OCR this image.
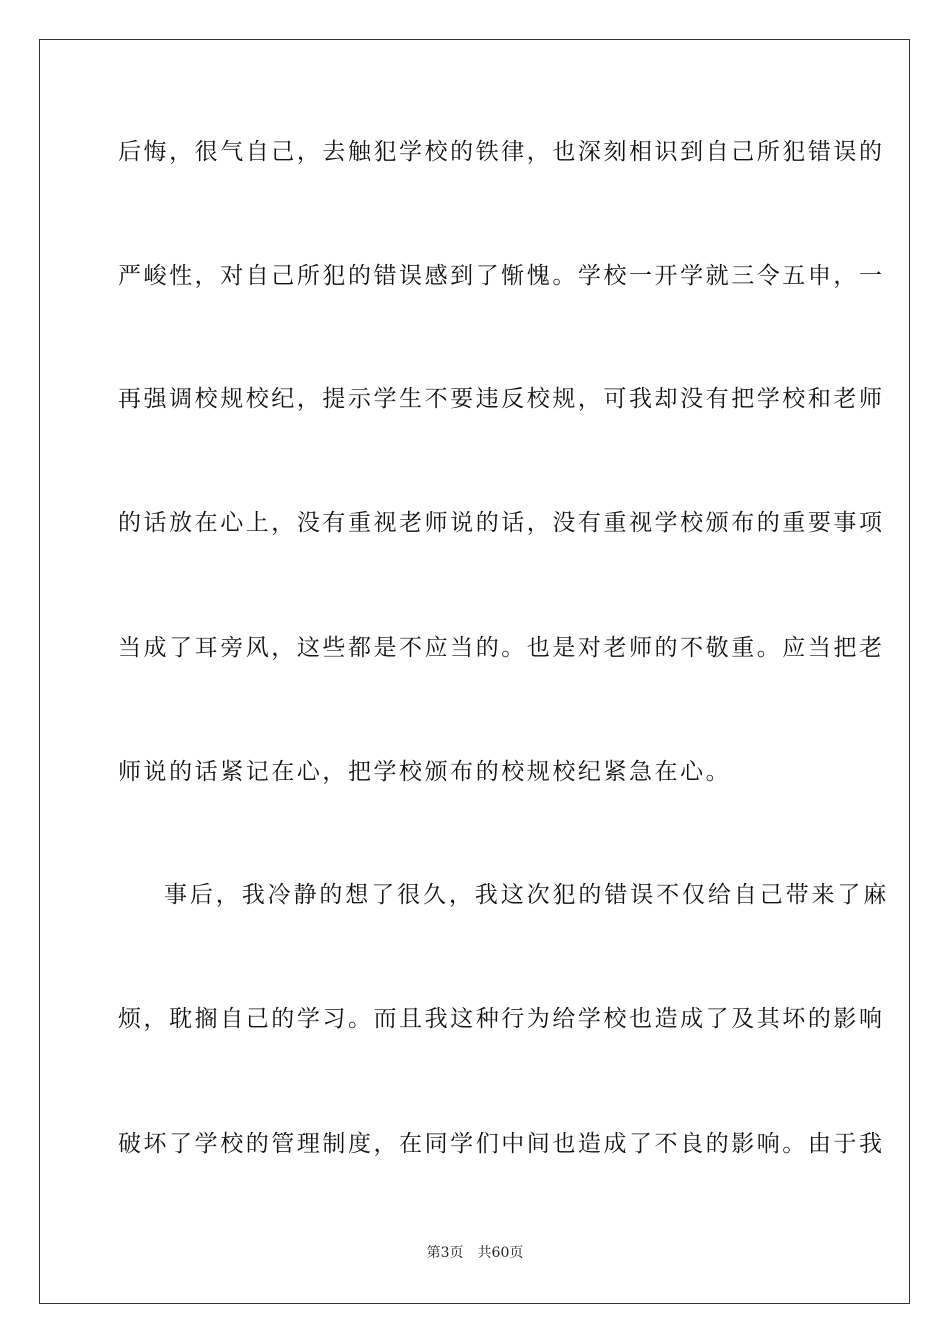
后悔，很气自己，去触犯学校的铁律，也深刻相识到自己所犯错误的
严峻性，对自己所犯的错误感到了惭愧。学校一开学就三令五申，一
再强调校规校纪，提示学生不要违反校规，可我却没有把学校和老师
的话放在心上，没有重视老师说的话，没有重视学校颁布的重要事项
当成了耳旁风，这些都是不应当的。也是对老师的不敬重。应当把老
师说的话紧记在心，把学校颁布的校规校纪紧急在心。
事后，我冷静的想了很久，我这次犯的错误不仅给自己带来了麻
烦，耽搁自己的学习。而且我这种行为给学校也造成了及其坏的影响
破坏了学校的管理制度，在同学们中间也造成了不良的影响。由于我
第3页 共60页
